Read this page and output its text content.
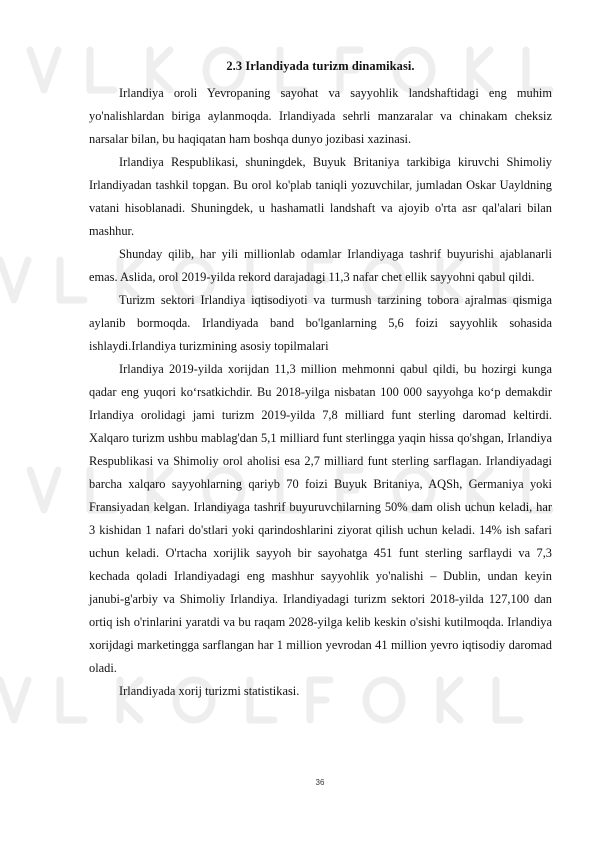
2.3 Irlandiyada turizm dinamikasi.

Irlandiya oroli Yevropaning sayohat va sayyohlik landshaftidagi eng muhim yo'nalishlardan biriga aylanmoqda. Irlandiyada sehrli manzaralar va chinakam cheksiz narsalar bilan, bu haqiqatan ham boshqa dunyo jozibasi xazinasi.

Irlandiya Respublikasi, shuningdek, Buyuk Britaniya tarkibiga kiruvchi Shimoliy Irlandiyadan tashkil topgan. Bu orol ko'plab taniqli yozuvchilar, jumladan Oskar Uayldning vatani hisoblanadi. Shuningdek, u hashamatli landshaft va ajoyib o'rta asr qal'alari bilan mashhur.

Shunday qilib, har yili millionlab odamlar Irlandiyaga tashrif buyurishi ajablanarli emas. Aslida, orol 2019-yilda rekord darajadagi 11,3 nafar chet ellik sayyohni qabul qildi.

Turizm sektori Irlandiya iqtisodiyoti va turmush tarzining tobora ajralmas qismiga aylanib bormoqda. Irlandiyada band bo'lganlarning 5,6 foizi sayyohlik sohasida ishlaydi.Irlandiya turizmining asosiy topilmalari

Irlandiya 2019-yilda xorijdan 11,3 million mehmonni qabul qildi, bu hozirgi kunga qadar eng yuqori ko‘rsatkichdir. Bu 2018-yilga nisbatan 100 000 sayyohga ko‘p demakdir Irlandiya orolidagi jami turizm 2019-yilda 7,8 milliard funt sterling daromad keltirdi. Xalqaro turizm ushbu mablag'dan 5,1 milliard funt sterlingga yaqin hissa qo'shgan, Irlandiya Respublikasi va Shimoliy orol aholisi esa 2,7 milliard funt sterling sarflagan. Irlandiyadagi barcha xalqaro sayyohlarning qariyb 70 foizi Buyuk Britaniya, AQSh, Germaniya yoki Fransiyadan kelgan. Irlandiyaga tashrif buyuruvchilarning 50% dam olish uchun keladi, har 3 kishidan 1 nafari do'stlari yoki qarindoshlarini ziyorat qilish uchun keladi. 14% ish safari uchun keladi. O'rtacha xorijlik sayyoh bir sayohatga 451 funt sterling sarflaydi va 7,3 kechada qoladi Irlandiyadagi eng mashhur sayyohlik yo'nalishi – Dublin, undan keyin janubi-g'arbiy va Shimoliy Irlandiya. Irlandiyadagi turizm sektori 2018-yilda 127,100 dan ortiq ish o'rinlarini yaratdi va bu raqam 2028-yilga kelib keskin o'sishi kutilmoqda. Irlandiya xorijdagi marketingga sarflangan har 1 million yevrodan 41 million yevro iqtisodiy daromad oladi.

Irlandiyada xorij turizmi statistikasi.

36
